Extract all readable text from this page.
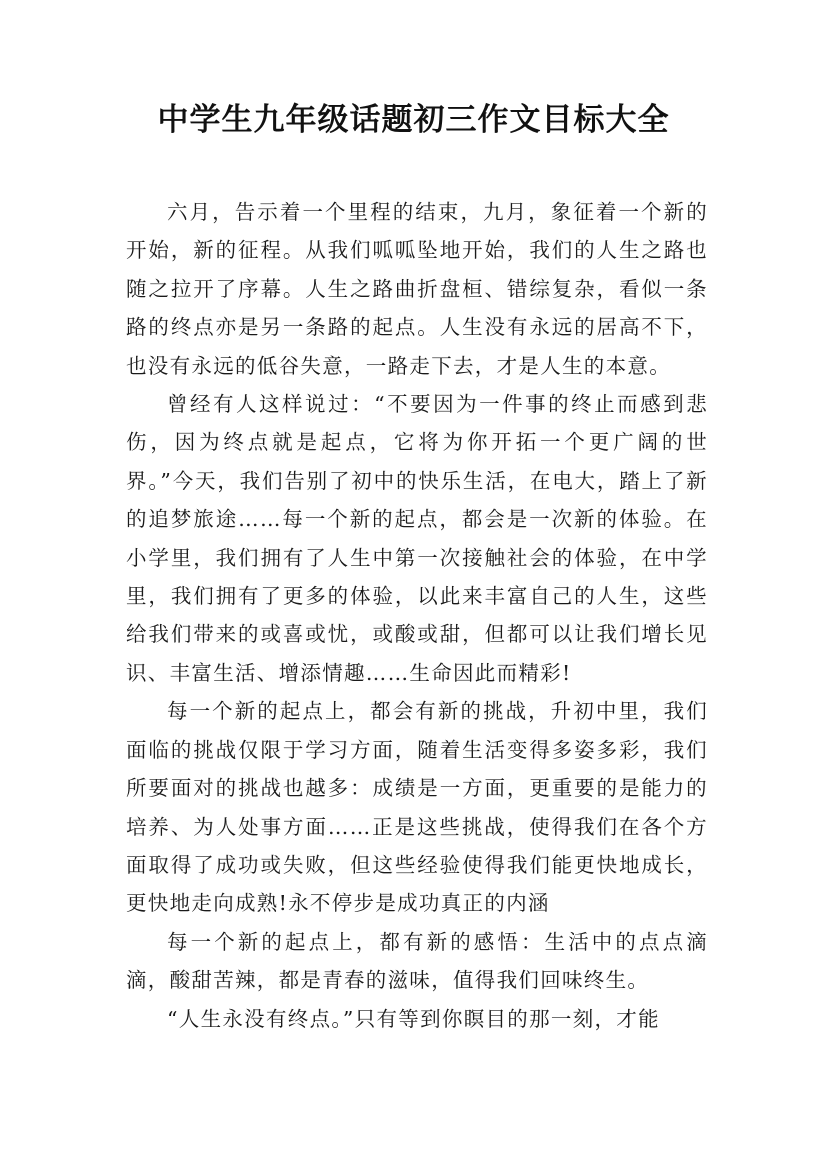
中学生九年级话题初三作文目标大全

六月，告示着一个里程的结束，九月，象征着一个新的开始，新的征程。从我们呱呱坠地开始，我们的人生之路也随之拉开了序幕。人生之路曲折盘桓、错综复杂，看似一条路的终点亦是另一条路的起点。人生没有永远的居高不下，也没有永远的低谷失意，一路走下去，才是人生的本意。

曾经有人这样说过：“不要因为一件事的终止而感到悲伤，因为终点就是起点，它将为你开拓一个更广阔的世界。”今天，我们告别了初中的快乐生活，在电大，踏上了新的追梦旅途……每一个新的起点，都会是一次新的体验。在小学里，我们拥有了人生中第一次接触社会的体验，在中学里，我们拥有了更多的体验，以此来丰富自己的人生，这些给我们带来的或喜或忧，或酸或甜，但都可以让我们增长见识、丰富生活、增添情趣……生命因此而精彩!

每一个新的起点上，都会有新的挑战，升初中里，我们面临的挑战仅限于学习方面，随着生活变得多姿多彩，我们所要面对的挑战也越多：成绩是一方面，更重要的是能力的培养、为人处事方面……正是这些挑战，使得我们在各个方面取得了成功或失败，但这些经验使得我们能更快地成长，更快地走向成熟!永不停步是成功真正的内涵

每一个新的起点上，都有新的感悟：生活中的点点滴滴，酸甜苦辣，都是青春的滋味，值得我们回味终生。

“人生永没有终点。”只有等到你瞑目的那一刻，才能
